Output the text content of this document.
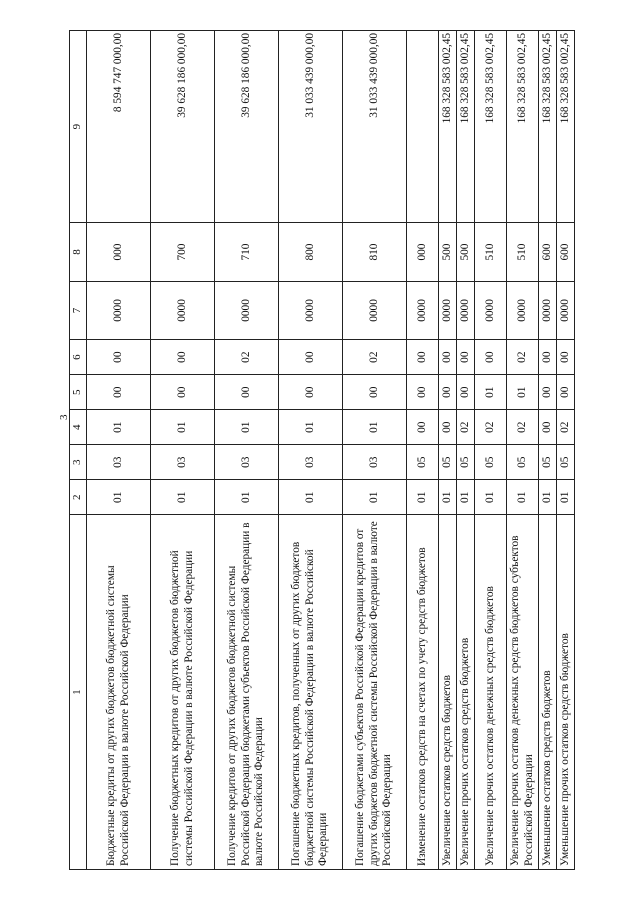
3
1	2	3	4	5	6	7	8	9
Бюджетные кредиты от других бюджетов бюджетной системы Российской Федерации в валюте Российской Федерации	01	03	01	00	00	0000	000	8 594 747 000,00
Получение бюджетных кредитов от других бюджетов бюджетной системы Российской Федерации в валюте Российской Федерации	01	03	01	00	00	0000	700	39 628 186 000,00
Получение кредитов от других бюджетов бюджетной системы Российской Федерации бюджетами субъектов Российской Федерации в валюте Российской Федерации	01	03	01	00	02	0000	710	39 628 186 000,00
Погашение бюджетных кредитов, полученных от других бюджетов бюджетной системы Российской Федерации в валюте Российской Федерации	01	03	01	00	00	0000	800	31 033 439 000,00
Погашение бюджетами субъектов Российской Федерации кредитов от других бюджетов бюджетной системы Российской Федерации в валюте Российской Федерации	01	03	01	00	02	0000	810	31 033 439 000,00
Изменение остатков средств на счетах по учету средств бюджетов	01	05	00	00	00	0000	000	
Увеличение остатков средств бюджетов	01	05	00	00	00	0000	500	168 328 583 002,45
Увеличение прочих остатков средств бюджетов	01	05	02	00	00	0000	500	168 328 583 002,45
Увеличение прочих остатков денежных средств бюджетов	01	05	02	01	00	0000	510	168 328 583 002,45
Увеличение прочих остатков денежных средств бюджетов субъектов Российской Федерации	01	05	02	01	02	0000	510	168 328 583 002,45
Уменьшение остатков средств бюджетов	01	05	00	00	00	0000	600	168 328 583 002,45
Уменьшение прочих остатков средств бюджетов	01	05	02	00	00	0000	600	168 328 583 002,45
